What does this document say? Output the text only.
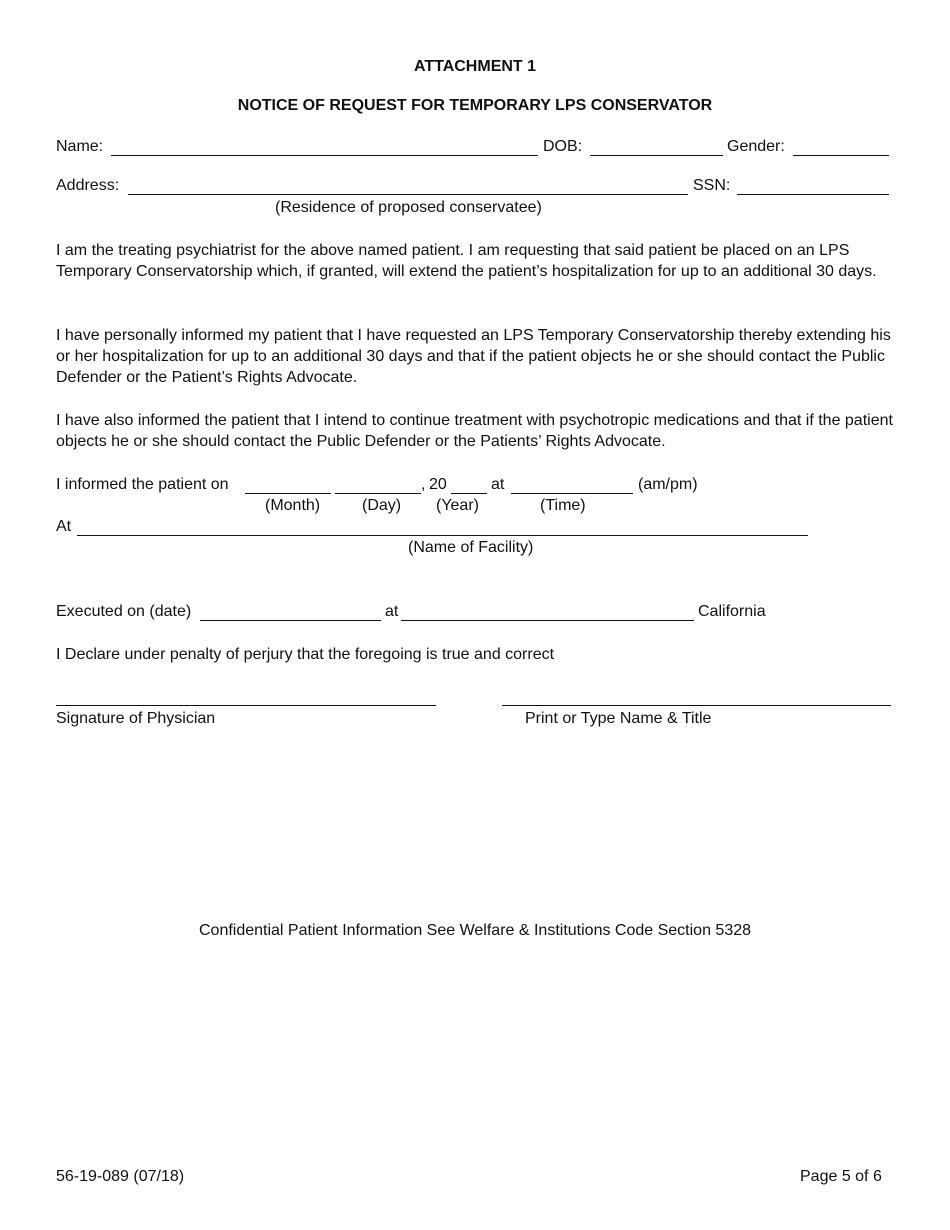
ATTACHMENT 1
NOTICE OF REQUEST FOR TEMPORARY LPS CONSERVATOR
Name:	DOB:	Gender:
Address:	SSN:
(Residence of proposed conservatee)
I am the treating psychiatrist for the above named patient. I am requesting that said patient be placed on an LPS Temporary Conservatorship which, if granted, will extend the patient’s hospitalization for up to an additional 30 days.
I have personally informed my patient that I have requested an LPS Temporary Conservatorship thereby extending his or her hospitalization for up to an additional 30 days and that if the patient objects he or she should contact the Public Defender or the Patient’s Rights Advocate.
I have also informed the patient that I intend to continue treatment with psychotropic medications and that if the patient objects he or she should contact the Public Defender or the Patients’ Rights Advocate.
I informed the patient on	, 20	at	(am/pm)
(Month)	(Day) (Year)	(Time)
At
(Name of Facility)
Executed on (date)	at	California
I Declare under penalty of perjury that the foregoing is true and correct
Signature of Physician	Print or Type Name & Title
Confidential Patient Information See Welfare & Institutions Code Section 5328
56-19-089 (07/18)	Page 5 of 6
